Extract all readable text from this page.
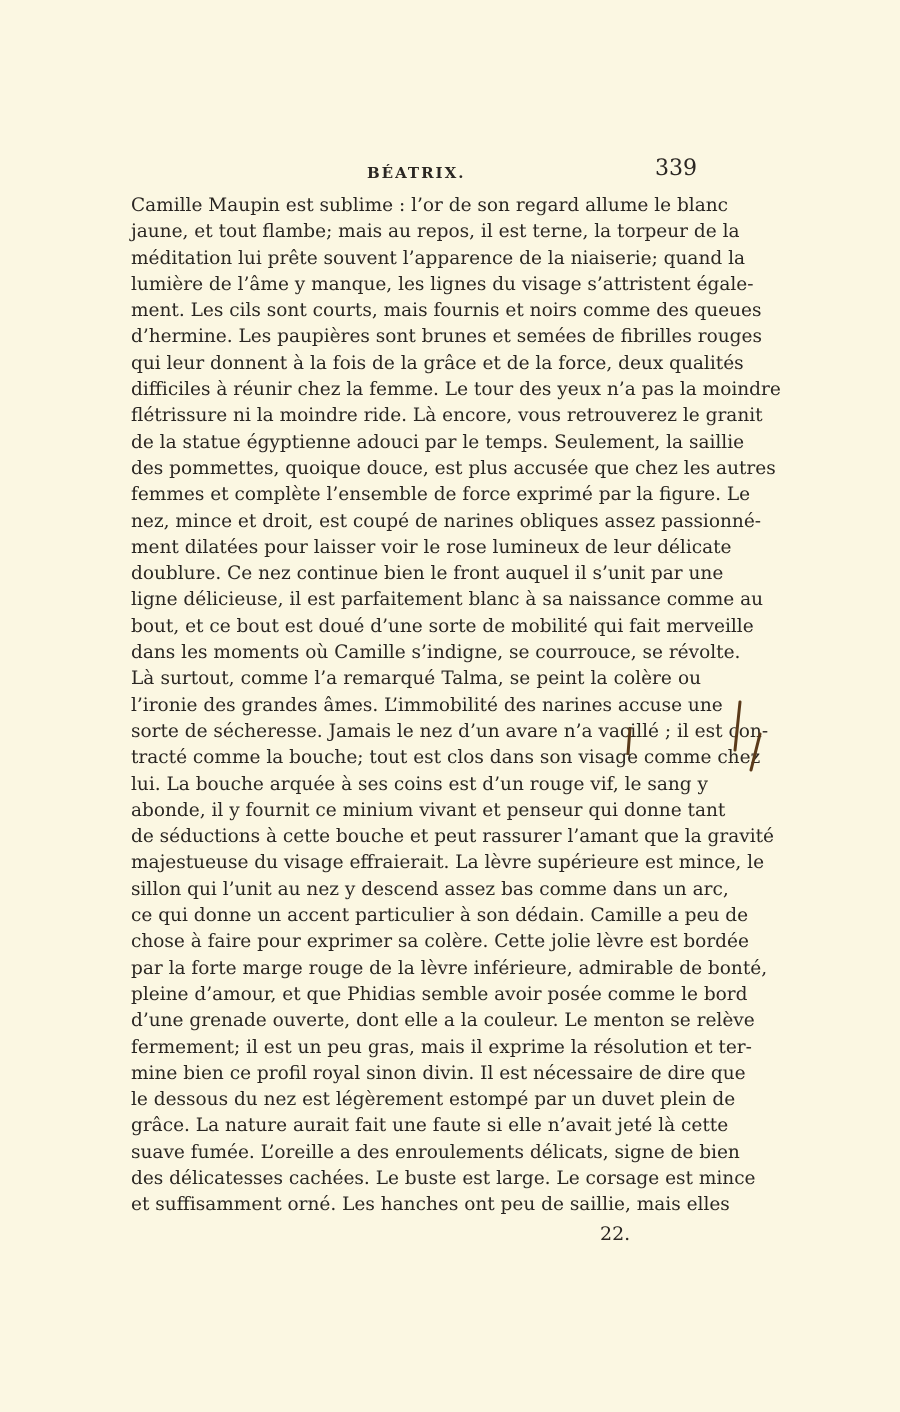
BÉATRIX.	339
Camille Maupin est sublime : l’or de son regard allume le blanc
jaune, et tout flambe; mais au repos, il est terne, la torpeur de la
méditation lui prête souvent l’apparence de la niaiserie; quand la
lumière de l’âme y manque, les lignes du visage s’attristent égale-
ment. Les cils sont courts, mais fournis et noirs comme des queues
d’hermine. Les paupières sont brunes et semées de fibrilles rouges
qui leur donnent à la fois de la grâce et de la force, deux qualités
difficiles à réunir chez la femme. Le tour des yeux n’a pas la moindre
flétrissure ni la moindre ride. Là encore, vous retrouverez le granit
de la statue égyptienne adouci par le temps. Seulement, la saillie
des pommettes, quoique douce, est plus accusée que chez les autres
femmes et complète l’ensemble de force exprimé par la figure. Le
nez, mince et droit, est coupé de narines obliques assez passionné-
ment dilatées pour laisser voir le rose lumineux de leur délicate
doublure. Ce nez continue bien le front auquel il s’unit par une
ligne délicieuse, il est parfaitement blanc à sa naissance comme au
bout, et ce bout est doué d’une sorte de mobilité qui fait merveille
dans les moments où Camille s’indigne, se courrouce, se révolte.
Là surtout, comme l’a remarqué Talma, se peint la colère ou
l’ironie des grandes âmes. L’immobilité des narines accuse une
sorte de sécheresse. Jamais le nez d’un avare n’a vacillé ; il est con-
tracté comme la bouche; tout est clos dans son visage comme chez
lui. La bouche arquée à ses coins est d’un rouge vif, le sang y
abonde, il y fournit ce minium vivant et penseur qui donne tant
de séductions à cette bouche et peut rassurer l’amant que la gravité
majestueuse du visage effraierait. La lèvre supérieure est mince, le
sillon qui l’unit au nez y descend assez bas comme dans un arc,
ce qui donne un accent particulier à son dédain. Camille a peu de
chose à faire pour exprimer sa colère. Cette jolie lèvre est bordée
par la forte marge rouge de la lèvre inférieure, admirable de bonté,
pleine d’amour, et que Phidias semble avoir posée comme le bord
d’une grenade ouverte, dont elle a la couleur. Le menton se relève
fermement; il est un peu gras, mais il exprime la résolution et ter-
mine bien ce profil royal sinon divin. Il est nécessaire de dire que
le dessous du nez est légèrement estompé par un duvet plein de
grâce. La nature aurait fait une faute si elle n’avait jeté là cette
suave fumée. L’oreille a des enroulements délicats, signe de bien
des délicatesses cachées. Le buste est large. Le corsage est mince
et suffisamment orné. Les hanches ont peu de saillie, mais elles
22.
